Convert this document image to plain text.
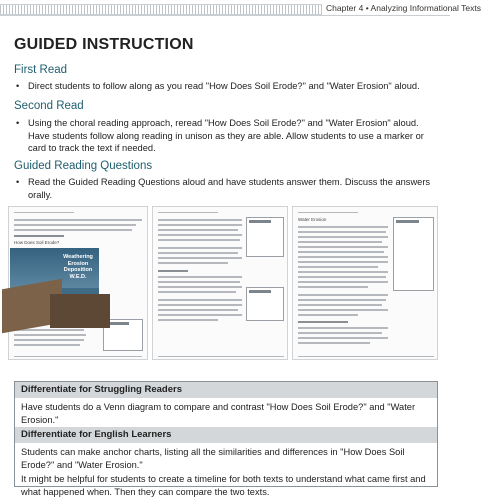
Chapter 4 • Analyzing Informational Texts
GUIDED INSTRUCTION
First Read
• Direct students to follow along as you read "How Does Soil Erode?" and "Water Erosion" aloud.
Second Read
• Using the choral reading approach, reread "How Does Soil Erode?" and "Water Erosion" aloud. Have students follow along reading in unison as they are able. Allow students to use a marker or card to track the text if needed.
Guided Reading Questions
• Read the Guided Reading Questions aloud and have students answer them. Discuss the answers orally.
How Does Soil Erode?
Weathering Erosion Deposition W.E.D.
Water Erosion
Differentiate for Struggling Readers
Have students do a Venn diagram to compare and contrast "How Does Soil Erode?" and "Water Erosion."
Differentiate for English Learners
Students can make anchor charts, listing all the similarities and differences in "How Does Soil Erode?" and "Water Erosion."
It might be helpful for students to create a timeline for both texts to understand what came first and what happened when. Then they can compare the two texts.
